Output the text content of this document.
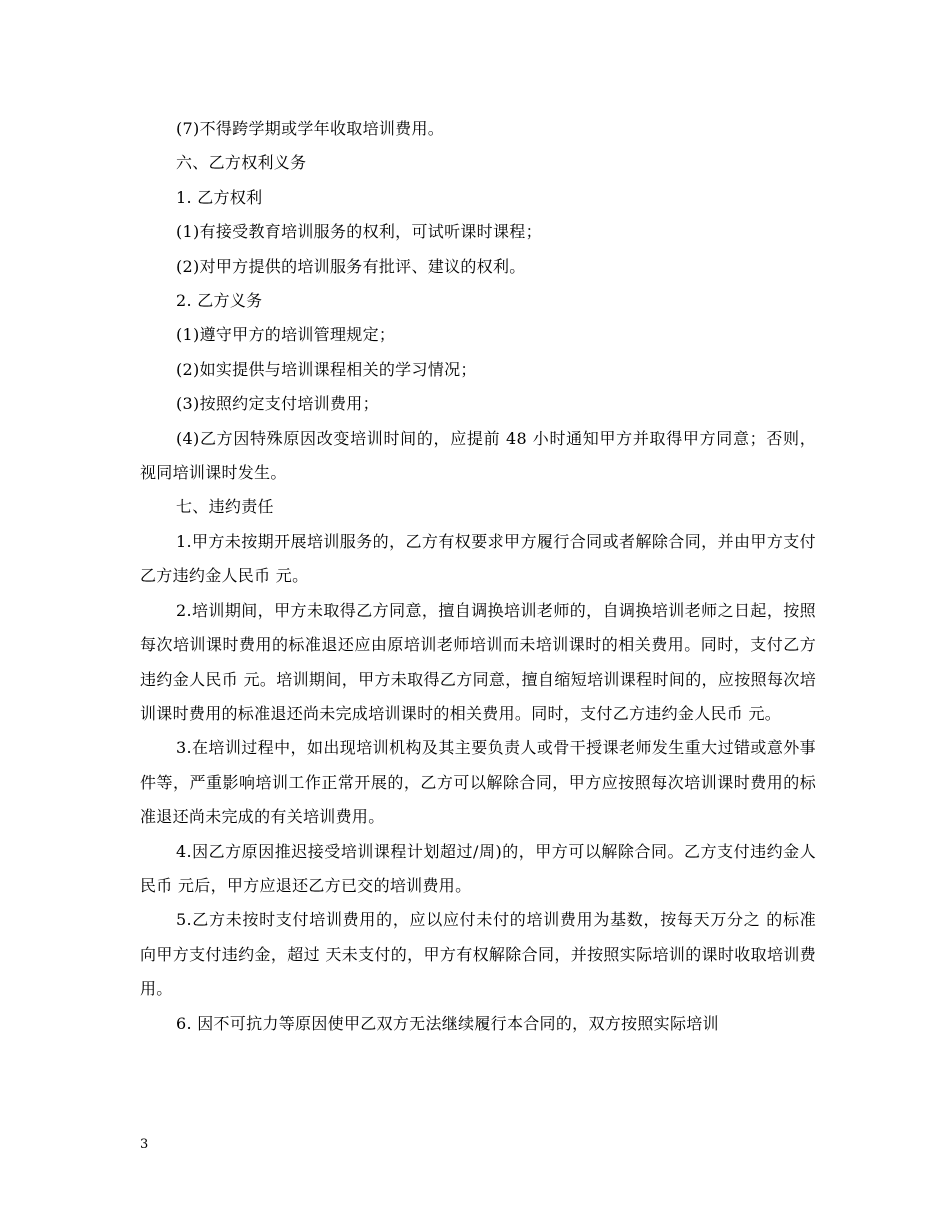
(7)不得跨学期或学年收取培训费用。

六、乙方权利义务

1. 乙方权利

(1)有接受教育培训服务的权利，可试听课时课程；

(2)对甲方提供的培训服务有批评、建议的权利。

2. 乙方义务

(1)遵守甲方的培训管理规定；

(2)如实提供与培训课程相关的学习情况；

(3)按照约定支付培训费用；

(4)乙方因特殊原因改变培训时间的，应提前 48 小时通知甲方并取得甲方同意；否则，视同培训课时发生。

七、违约责任

1.甲方未按期开展培训服务的，乙方有权要求甲方履行合同或者解除合同，并由甲方支付乙方违约金人民币 元。

2.培训期间，甲方未取得乙方同意，擅自调换培训老师的，自调换培训老师之日起，按照每次培训课时费用的标准退还应由原培训老师培训而未培训课时的相关费用。同时，支付乙方违约金人民币 元。培训期间，甲方未取得乙方同意，擅自缩短培训课程时间的，应按照每次培训课时费用的标准退还尚未完成培训课时的相关费用。同时，支付乙方违约金人民币 元。

3.在培训过程中，如出现培训机构及其主要负责人或骨干授课老师发生重大过错或意外事件等，严重影响培训工作正常开展的，乙方可以解除合同，甲方应按照每次培训课时费用的标准退还尚未完成的有关培训费用。

4.因乙方原因推迟接受培训课程计划超过/周)的，甲方可以解除合同。乙方支付违约金人民币 元后，甲方应退还乙方已交的培训费用。

5.乙方未按时支付培训费用的，应以应付未付的培训费用为基数，按每天万分之 的标准向甲方支付违约金，超过 天未支付的，甲方有权解除合同，并按照实际培训的课时收取培训费用。

6. 因不可抗力等原因使甲乙双方无法继续履行本合同的，双方按照实际培训

3
